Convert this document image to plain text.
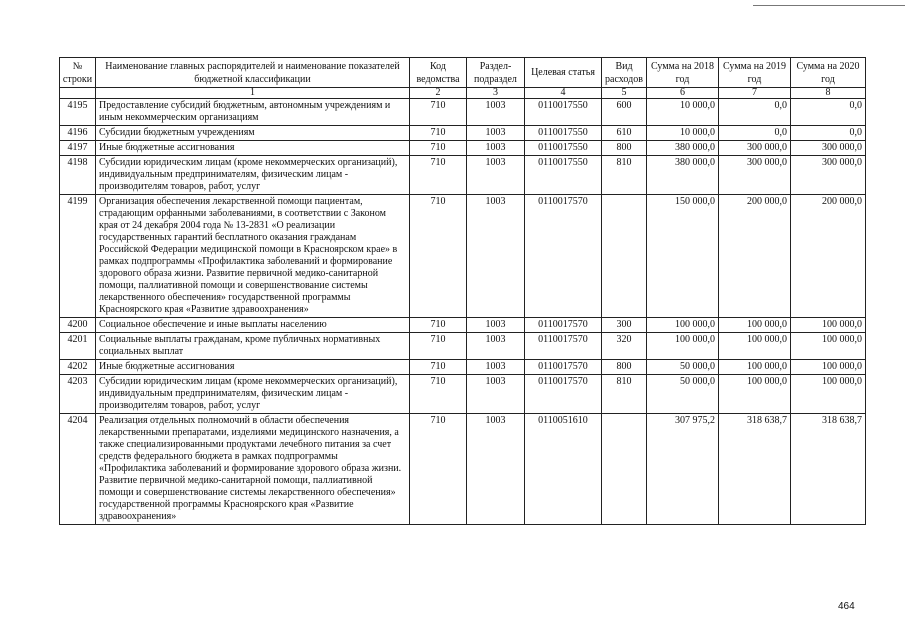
№ строки	Наименование главных распорядителей и наименование показателей бюджетной классификации	Код ведомства	Раздел-подраздел	Целевая статья	Вид расходов	Сумма на 2018 год	Сумма на 2019 год	Сумма на 2020 год
	1	2	3	4	5	6	7	8
4195	Предоставление субсидий бюджетным, автономным учреждениям и иным некоммерческим организациям	710	1003	0110017550	600	10 000,0	0,0	0,0
4196	Субсидии бюджетным учреждениям	710	1003	0110017550	610	10 000,0	0,0	0,0
4197	Иные бюджетные ассигнования	710	1003	0110017550	800	380 000,0	300 000,0	300 000,0
4198	Субсидии юридическим лицам (кроме некоммерческих организаций), индивидуальным предпринимателям, физическим лицам - производителям товаров, работ, услуг	710	1003	0110017550	810	380 000,0	300 000,0	300 000,0
4199	Организация обеспечения лекарственной помощи пациентам, страдающим орфанными заболеваниями, в соответствии с Законом края от 24 декабря 2004 года № 13-2831 «О реализации государственных гарантий бесплатного оказания гражданам Российской Федерации медицинской помощи в Красноярском крае» в рамках подпрограммы «Профилактика заболеваний и формирование здорового образа жизни. Развитие первичной медико-санитарной помощи, паллиативной помощи и совершенствование системы лекарственного обеспечения» государственной программы Красноярского края «Развитие здравоохранения»	710	1003	0110017570		150 000,0	200 000,0	200 000,0
4200	Социальное обеспечение и иные выплаты населению	710	1003	0110017570	300	100 000,0	100 000,0	100 000,0
4201	Социальные выплаты гражданам, кроме публичных нормативных социальных выплат	710	1003	0110017570	320	100 000,0	100 000,0	100 000,0
4202	Иные бюджетные ассигнования	710	1003	0110017570	800	50 000,0	100 000,0	100 000,0
4203	Субсидии юридическим лицам (кроме некоммерческих организаций), индивидуальным предпринимателям, физическим лицам - производителям товаров, работ, услуг	710	1003	0110017570	810	50 000,0	100 000,0	100 000,0
4204	Реализация отдельных полномочий в области обеспечения лекарственными препаратами, изделиями медицинского назначения, а также специализированными продуктами лечебного питания за счет средств федерального бюджета в рамках подпрограммы «Профилактика заболеваний и формирование здорового образа жизни. Развитие первичной медико-санитарной помощи, паллиативной помощи и совершенствование системы лекарственного обеспечения» государственной программы Красноярского края «Развитие здравоохранения»	710	1003	0110051610		307 975,2	318 638,7	318 638,7
464
